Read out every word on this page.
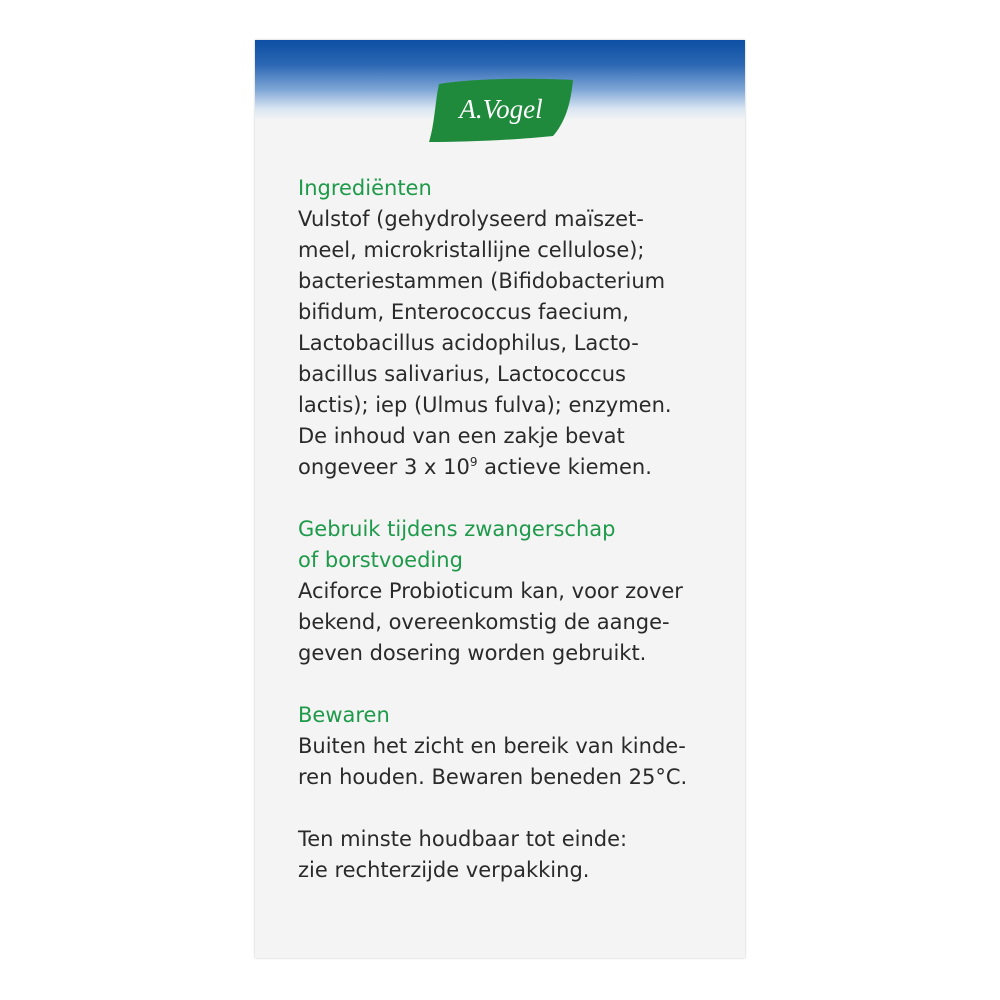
A.Vogel

Ingrediënten

Vulstof (gehydrolyseerd maïszet-

meel, microkristallijne cellulose);

bacteriestammen (Bifidobacterium

bifidum, Enterococcus faecium,

Lactobacillus acidophilus, Lacto-

bacillus salivarius, Lactococcus

lactis); iep (Ulmus fulva); enzymen.

De inhoud van een zakje bevat

ongeveer 3 x $10^9$ actieve kiemen.

Gebruik tijdens zwangerschap

of borstvoeding

Aciforce Probioticum kan, voor zover

bekend, overeenkomstig de aange-

geven dosering worden gebruikt.

Bewaren

Buiten het zicht en bereik van kinde-

ren houden. Bewaren beneden 25°C.

Ten minste houdbaar tot einde:

zie rechterzijde verpakking.
